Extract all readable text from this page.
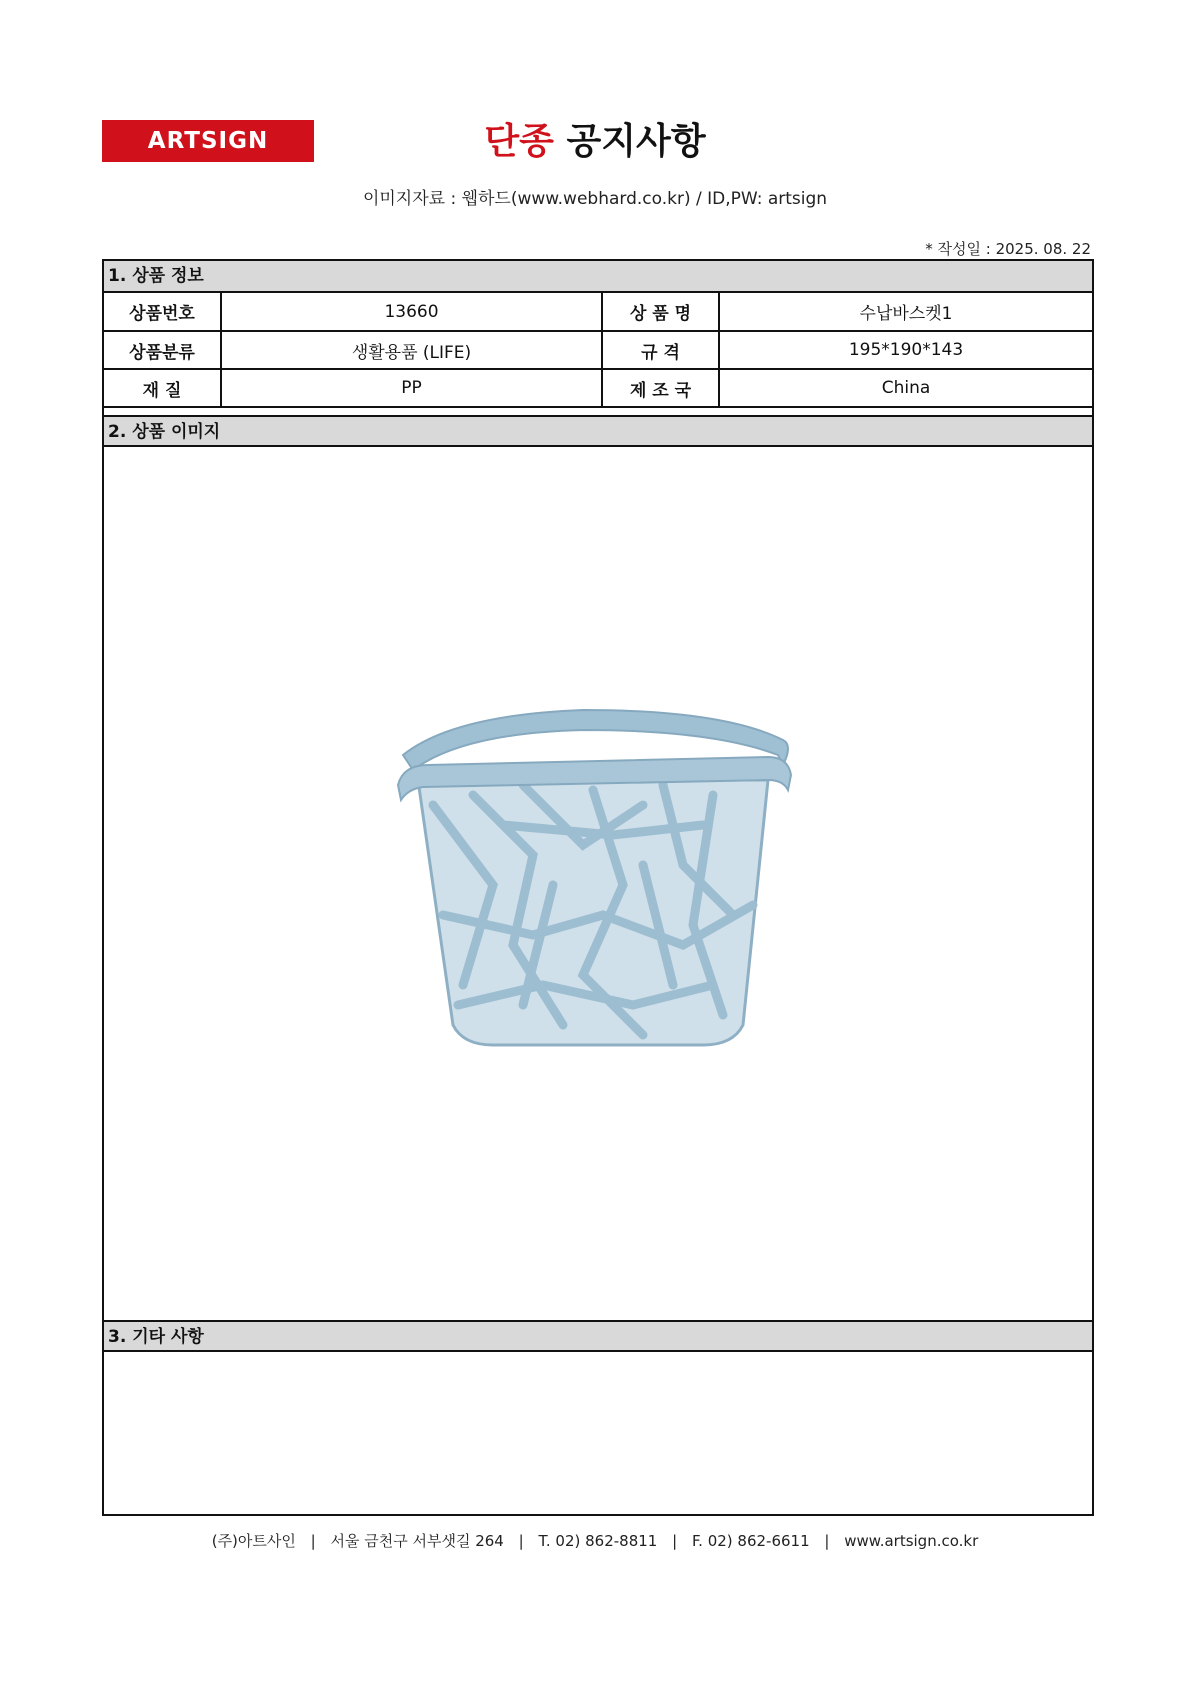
ARTSIGN	단종 공지사항
이미지자료 : 웹하드(www.webhard.co.kr) / ID,PW: artsign
* 작성일 : 2025. 08. 22
1. 상품 정보
상품번호	13660	상 품 명	수납바스켓1
상품분류	생활용품 (LIFE)	규 격	195*190*143
재 질	PP	제 조 국	China
2. 상품 이미지
3. 기타 사항
(주)아트사인 | 서울 금천구 서부샛길 264 | T. 02) 862-8811 | F. 02) 862-6611 | www.artsign.co.kr
